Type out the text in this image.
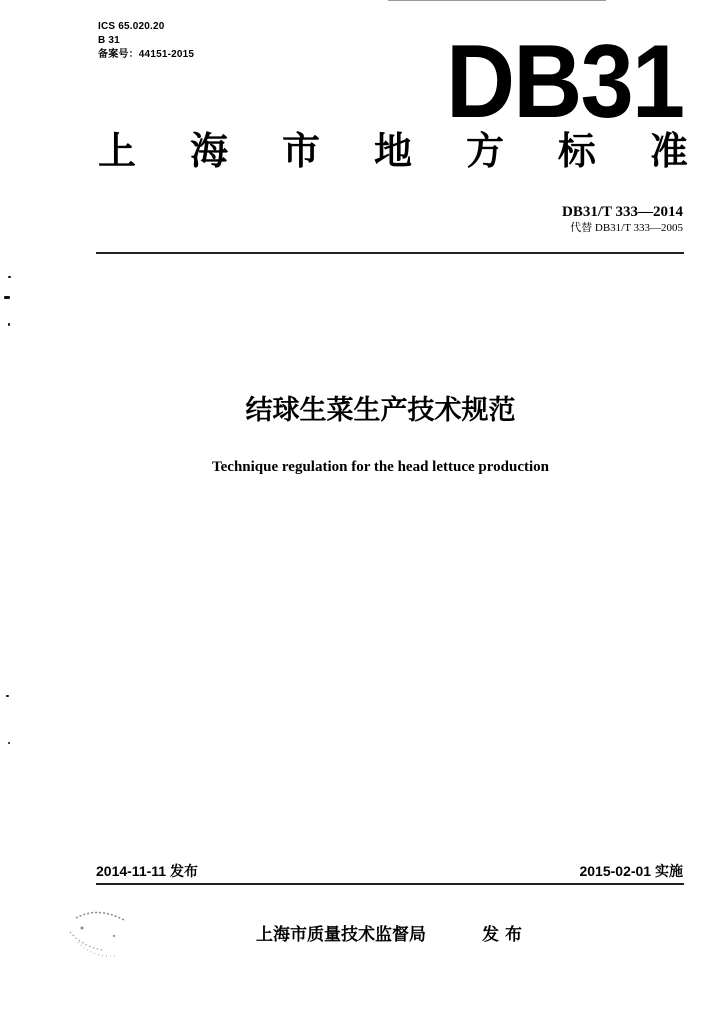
ICS 65.020.20
B 31
备案号：44151-2015 DB31
上 海 市 地 方 标 准
DB31/T 333—2014
代替 DB31/T 333—2005
结球生菜生产技术规范
Technique regulation for the head lettuce production
2014-11-11 发布	2015-02-01 实施
上海市质量技术监督局	发布
